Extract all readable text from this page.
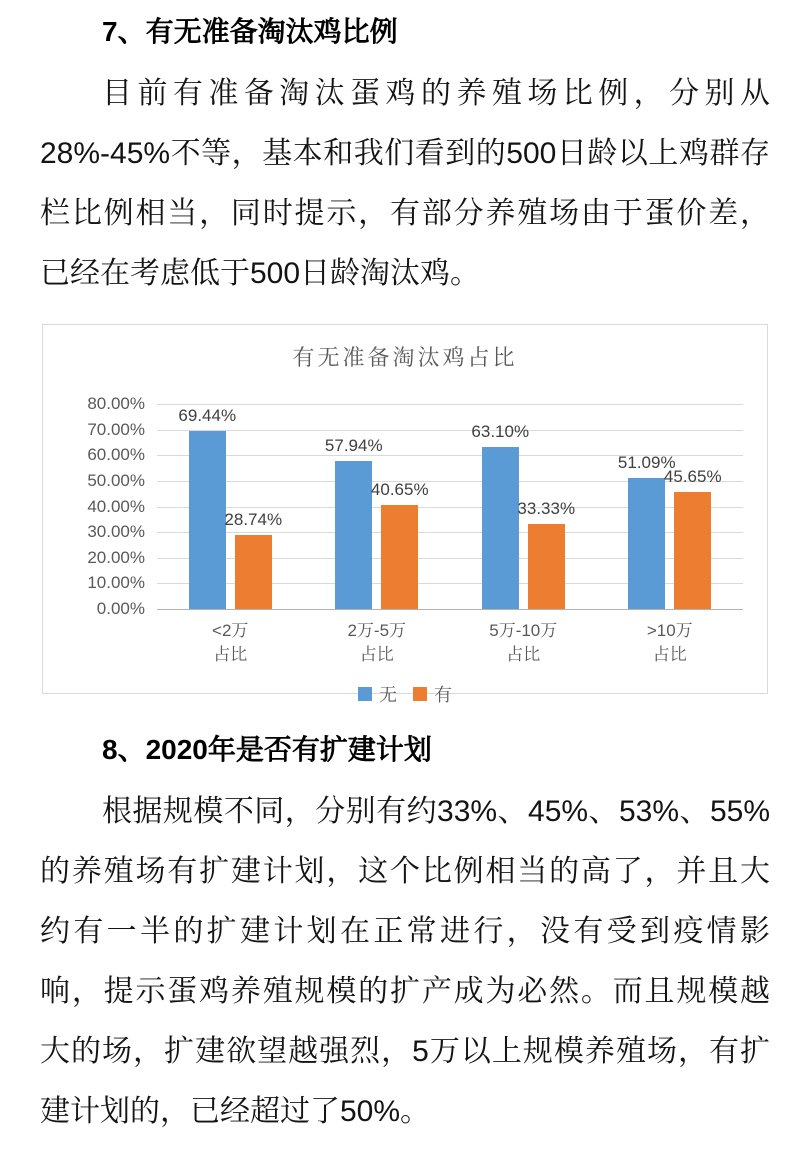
7、有无准备淘汰鸡比例
目前有准备淘汰蛋鸡的养殖场比例，分别从
28%-45%不等，基本和我们看到的500日龄以上鸡群存
栏比例相当，同时提示，有部分养殖场由于蛋价差，
已经在考虑低于500日龄淘汰鸡。
有无准备淘汰鸡占比
80.00%
70.00%
60.00%
50.00%
40.00%
30.00%
20.00%
10.00%
0.00%
69.44%
28.74%
57.94%
40.65%
63.10%
33.33%
51.09%
45.65%
<2万
占比
2万-5万
占比
5万-10万
占比
>10万
占比
无 有
8、2020年是否有扩建计划
根据规模不同，分别有约33%、45%、53%、55%
的养殖场有扩建计划，这个比例相当的高了，并且大
约有一半的扩建计划在正常进行，没有受到疫情影
响，提示蛋鸡养殖规模的扩产成为必然。而且规模越
大的场，扩建欲望越强烈，5万以上规模养殖场，有扩
建计划的，已经超过了50%。
